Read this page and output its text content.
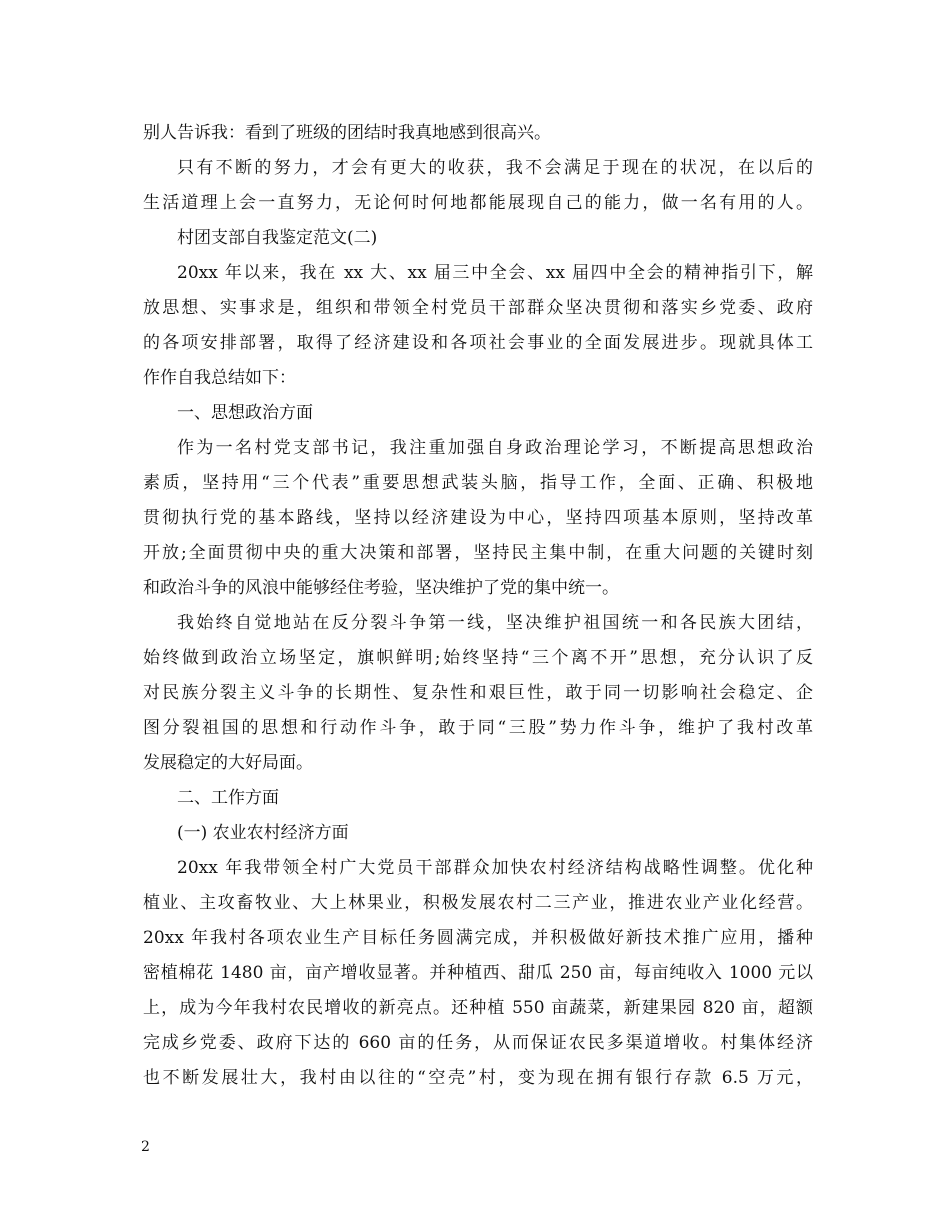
别人告诉我：看到了班级的团结时我真地感到很高兴。
只有不断的努力，才会有更大的收获，我不会满足于现在的状况，在以后的
生活道理上会一直努力，无论何时何地都能展现自己的能力，做一名有用的人。
村团支部自我鉴定范文(二)
20xx 年以来，我在 xx 大、xx 届三中全会、xx 届四中全会的精神指引下，解
放思想、实事求是，组织和带领全村党员干部群众坚决贯彻和落实乡党委、政府
的各项安排部署，取得了经济建设和各项社会事业的全面发展进步。现就具体工
作作自我总结如下：
一、思想政治方面
作为一名村党支部书记，我注重加强自身政治理论学习，不断提高思想政治
素质，坚持用“三个代表”重要思想武装头脑，指导工作，全面、正确、积极地
贯彻执行党的基本路线，坚持以经济建设为中心，坚持四项基本原则，坚持改革
开放;全面贯彻中央的重大决策和部署，坚持民主集中制，在重大问题的关键时刻
和政治斗争的风浪中能够经住考验，坚决维护了党的集中统一。
我始终自觉地站在反分裂斗争第一线，坚决维护祖国统一和各民族大团结，
始终做到政治立场坚定，旗帜鲜明;始终坚持“三个离不开”思想，充分认识了反
对民族分裂主义斗争的长期性、复杂性和艰巨性，敢于同一切影响社会稳定、企
图分裂祖国的思想和行动作斗争，敢于同“三股”势力作斗争，维护了我村改革
发展稳定的大好局面。
二、工作方面
(一) 农业农村经济方面
20xx 年我带领全村广大党员干部群众加快农村经济结构战略性调整。优化种
植业、主攻畜牧业、大上林果业，积极发展农村二三产业，推进农业产业化经营。
20xx 年我村各项农业生产目标任务圆满完成，并积极做好新技术推广应用，播种
密植棉花 1480 亩，亩产增收显著。并种植西、甜瓜 250 亩，每亩纯收入 1000 元以
上，成为今年我村农民增收的新亮点。还种植 550 亩蔬菜，新建果园 820 亩，超额
完成乡党委、政府下达的 660 亩的任务，从而保证农民多渠道增收。村集体经济
也不断发展壮大，我村由以往的“空壳”村，变为现在拥有银行存款 6.5 万元，
2
